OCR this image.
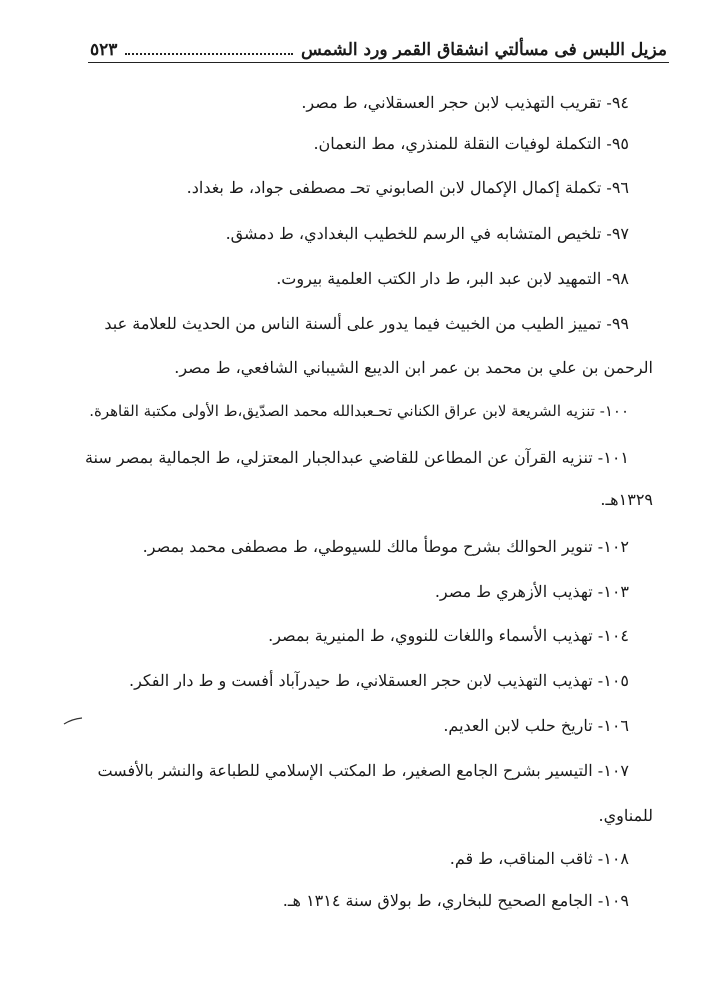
مزيل اللبس فى مسألتي انشقاق القمر ورد الشمس
٥٢٣
٩٤- تقريب التهذيب لابن حجر العسقلاني، ط مصر.
٩٥- التكملة لوفيات النقلة للمنذري، مط النعمان.
٩٦- تكملة إكمال الإكمال لابن الصابوني تحـ مصطفى جواد، ط بغداد.
٩٧- تلخيص المتشابه في الرسم للخطيب البغدادي، ط دمشق.
٩٨- التمهيد لابن عبد البر، ط دار الكتب العلمية بيروت.
٩٩- تمييز الطيب من الخبيث فيما يدور على ألسنة الناس من الحديث للعلامة عبد
الرحمن بن علي بن محمد بن عمر ابن الديبع الشيباني الشافعي، ط مصر.
١٠٠- تنزيه الشريعة لابن عراق الكناني تحـعبدالله محمد الصدّيق،ط الأولى مكتبة القاهرة.
١٠١- تنزيه القرآن عن المطاعن للقاضي عبدالجبار المعتزلي، ط الجمالية بمصر سنة
١٣٢٩هـ.
١٠٢- تنوير الحوالك بشرح موطأ مالك للسيوطي، ط مصطفى محمد بمصر.
١٠٣- تهذيب الأزهري ط مصر.
١٠٤- تهذيب الأسماء واللغات للنووي، ط المنيرية بمصر.
١٠٥- تهذيب التهذيب لابن حجر العسقلاني، ط حيدرآباد أفست و ط دار الفكر.
١٠٦- تاريخ حلب لابن العديم.
١٠٧- التيسير بشرح الجامع الصغير، ط المكتب الإسلامي للطباعة والنشر بالأفست
للمناوي.
١٠٨- ثاقب المناقب، ط قم.
١٠٩- الجامع الصحيح للبخاري، ط بولاق سنة ١٣١٤ هـ.
